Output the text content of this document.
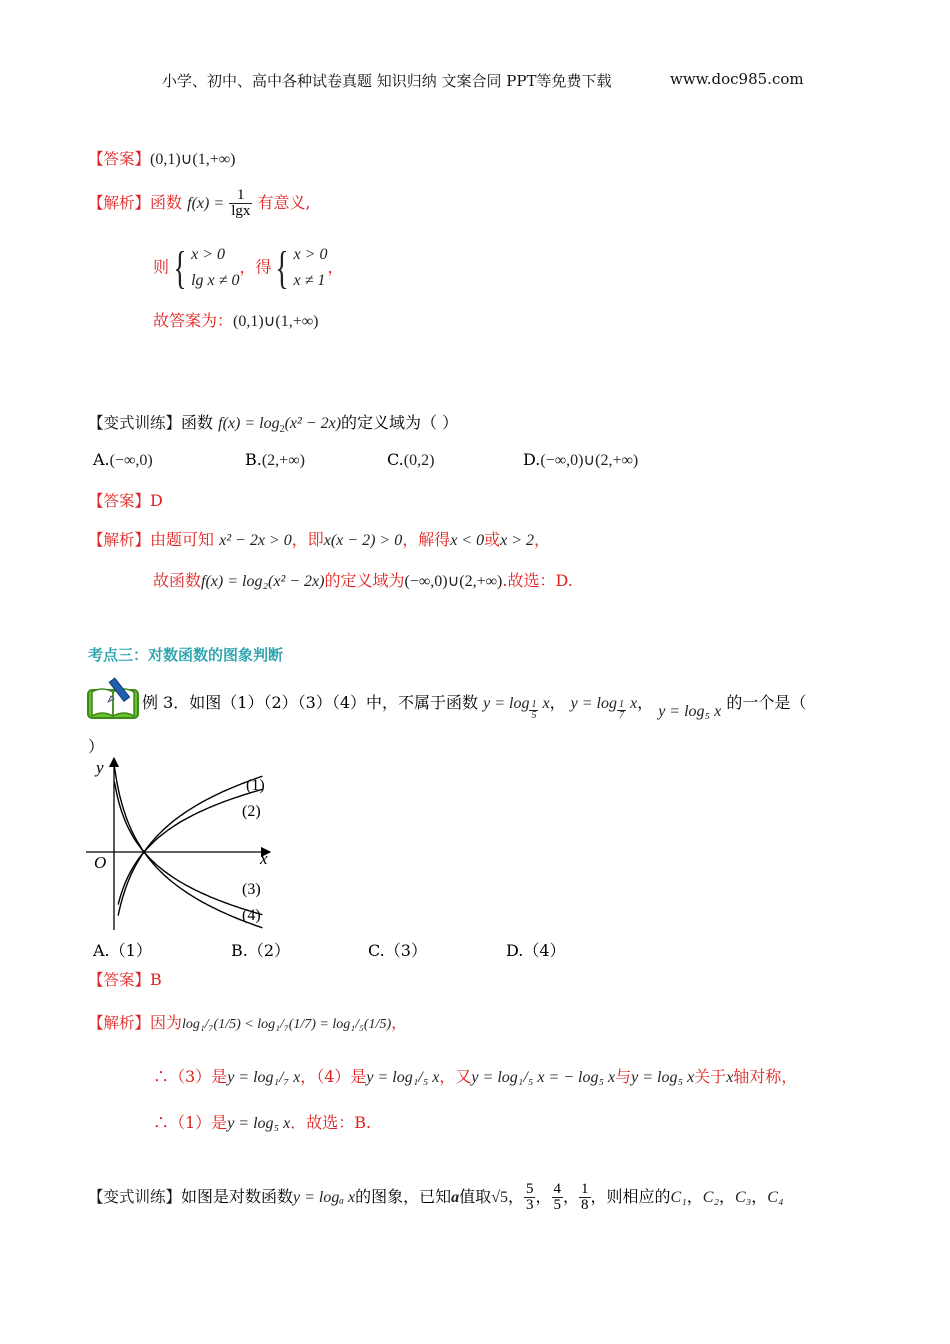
小学、初中、高中各种试卷真题 知识归纳 文案合同 PPT等免费下载	www.doc985.com
【答案】(0,1)∪(1,+∞)
【解析】函数 $f(x) = \frac{1}{\lg x}$ 有意义,
则{ x > 0
lg x ≠ 0
，得{ x > 0
x ≠ 1
，
故答案为：(0,1)∪(1,+∞)
【变式训练】函数 $f(x) = \log_2(x^2 - 2x)$的定义域为（ ）
A.(−∞,0)	B.(2,+∞)	C.(0,2)	D.(−∞,0)∪(2,+∞)
【答案】D
【解析】由题可知 x² − 2x > 0，即x(x − 2) > 0，解得x < 0或x > 2，
故函数f(x) = log₂(x² − 2x)的定义域为(−∞,0)∪(2,+∞).故选：D.
考点三：对数函数的图象判断
例 3．如图（1）（2）（3）（4）中，不属于函数 $y = \log \frac{1}{5}$ x， $y = \log \frac{1}{7}$ x， y = log₅ x 的一个是（
）
x
y
O
(1)
(2)
(3)
(4)
A.（1）	B.（2）	C.（3）	D.（4）
【答案】B
【解析】因为log₁/₇(1/5) < log₁/₇(1/7) = log₁/₅(1/5)，
∴（3）是y = log₁/₇ x，（4）是y = log₁/₅ x，又y = log₁/₅ x = − log₅ x与y = log₅ x关于x轴对称，
∴（1）是y = log₅ x．故选：B.
【变式训练】如图是对数函数y = logₐ x的图象，已知a值取√5， $\frac{5}{3}$ ， $\frac{4}{5}$ ， $\frac{1}{8}$ ，则相应的C₁，C₂，C₃，C₄
